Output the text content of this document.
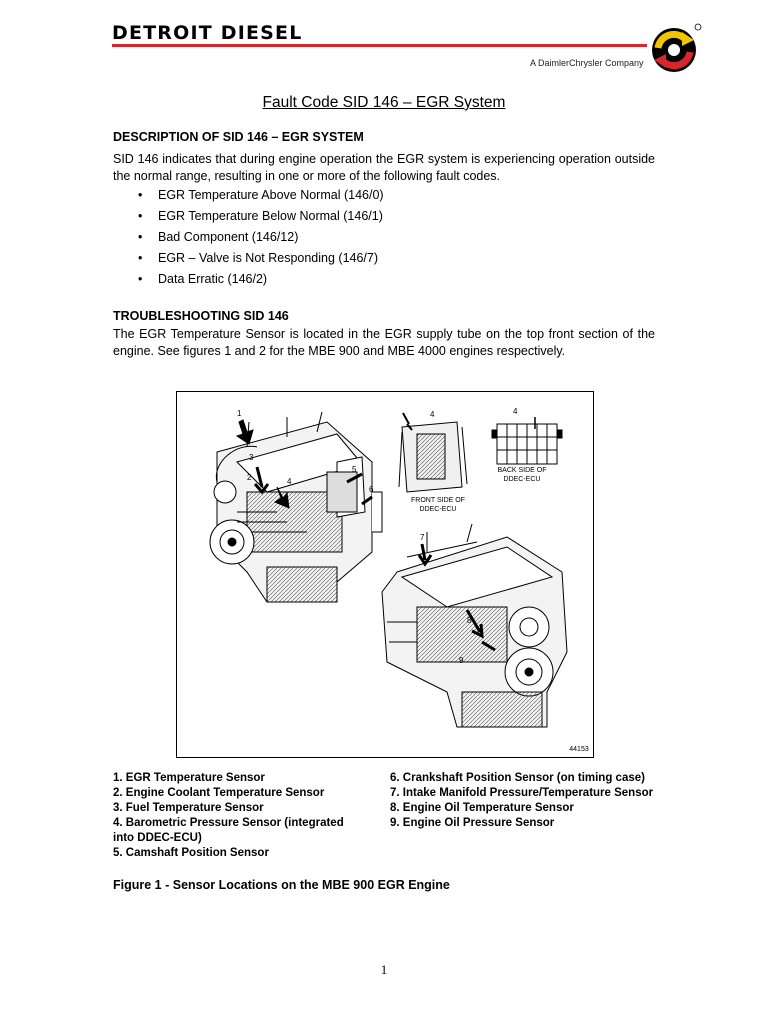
DETROIT DIESEL
A DaimlerChrysler Company
Fault Code SID 146 – EGR System
DESCRIPTION OF SID 146 – EGR SYSTEM
SID 146 indicates that during engine operation the EGR system is experiencing operation outside the normal range, resulting in one or more of the following fault codes.
• EGR Temperature Above Normal (146/0)
• EGR Temperature Below Normal (146/1)
• Bad Component (146/12)
• EGR – Valve is Not Responding (146/7)
• Data Erratic (146/2)
TROUBLESHOOTING SID 146
The EGR Temperature Sensor is located in the EGR supply tube on the top front section of the engine. See figures 1 and 2 for the MBE 900 and MBE 4000 engines respectively.
1
2
3
4
5
6
7
8
9
4	4
FRONT SIDE OF
DDEC-ECU
BACK SIDE OF
DDEC-ECU
44153
1. EGR Temperature Sensor
2. Engine Coolant Temperature Sensor
3. Fuel Temperature Sensor
4. Barometric Pressure Sensor (integrated
into DDEC-ECU)
5. Camshaft Position Sensor
6. Crankshaft Position Sensor (on timing case)
7. Intake Manifold Pressure/Temperature Sensor
8. Engine Oil Temperature Sensor
9. Engine Oil Pressure Sensor
Figure 1 - Sensor Locations on the MBE 900 EGR Engine
1
